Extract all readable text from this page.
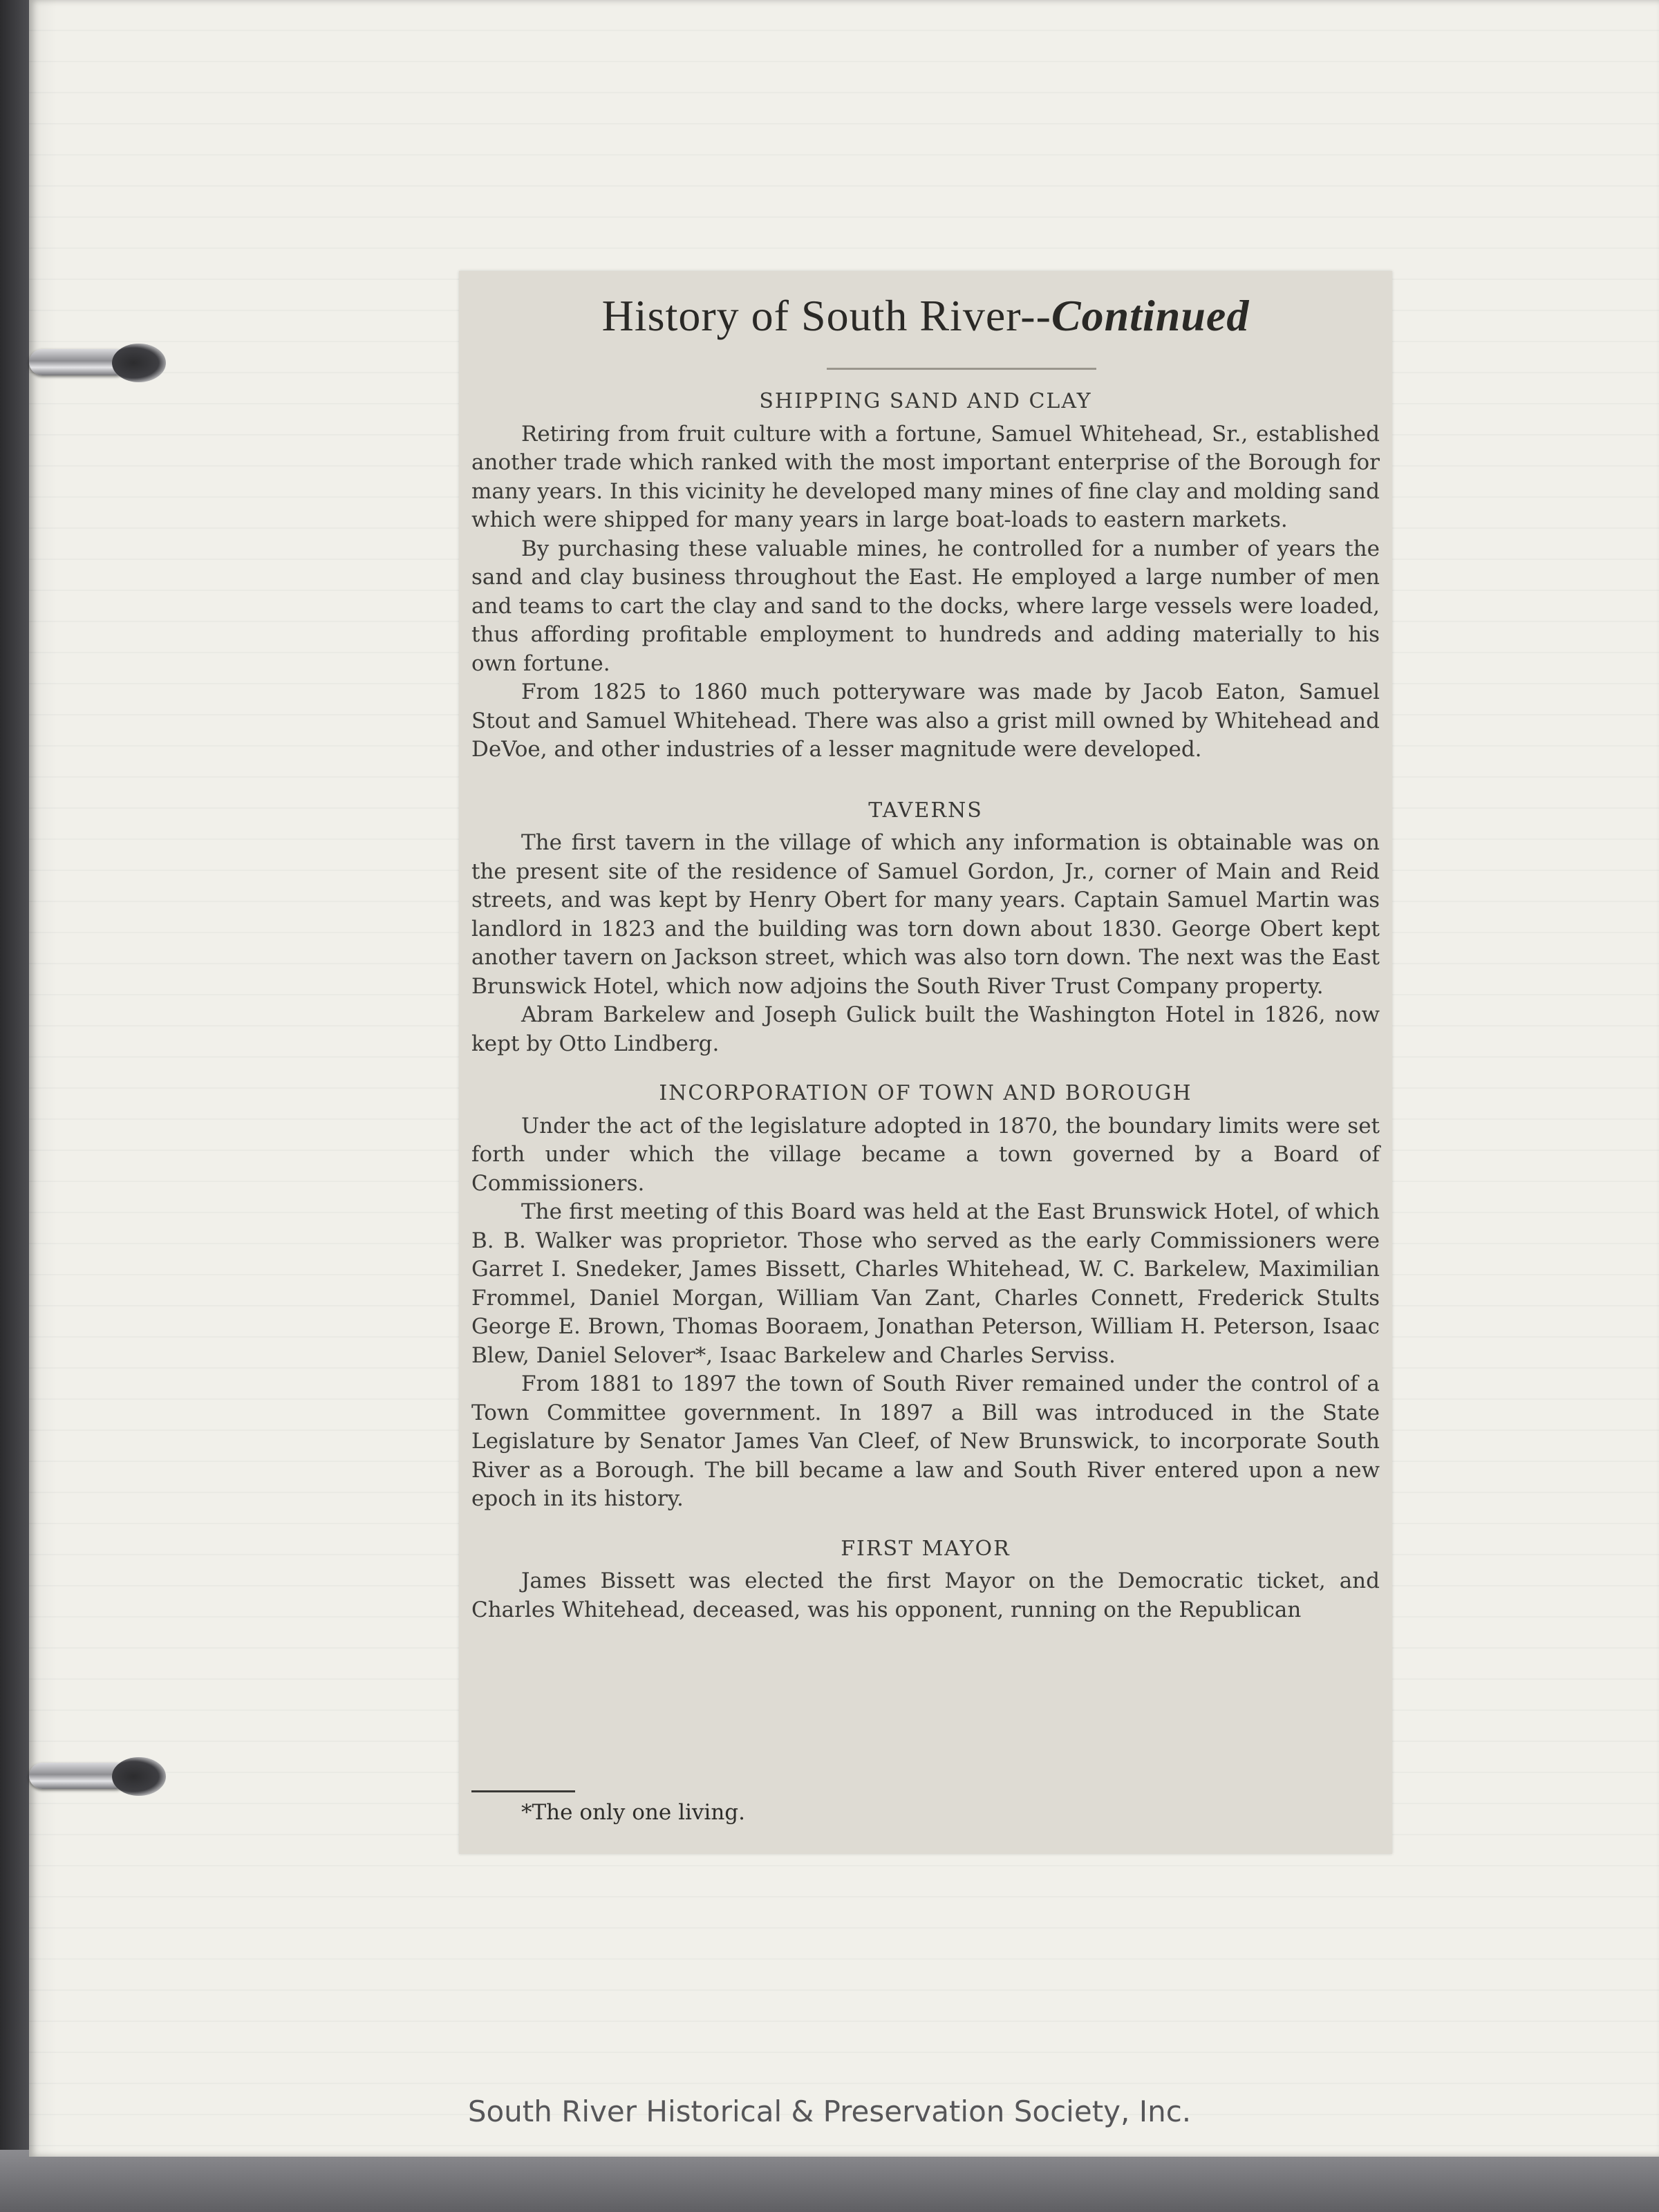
History of South River--Continued
SHIPPING SAND AND CLAY

Retiring from fruit culture with a fortune, Samuel Whitehead, Sr., established another trade which ranked with the most important enterprise of the Borough for many years. In this vicinity he developed many mines of fine clay and molding sand which were shipped for many years in large boat-loads to eastern markets.

By purchasing these valuable mines, he controlled for a number of years the sand and clay business throughout the East. He employed a large number of men and teams to cart the clay and sand to the docks, where large vessels were loaded, thus affording profitable employment to hundreds and adding materially to his own fortune.

From 1825 to 1860 much potteryware was made by Jacob Eaton, Samuel Stout and Samuel Whitehead. There was also a grist mill owned by Whitehead and DeVoe, and other industries of a lesser magnitude were developed.

TAVERNS

The first tavern in the village of which any information is obtainable was on the present site of the residence of Samuel Gordon, Jr., corner of Main and Reid streets, and was kept by Henry Obert for many years. Captain Samuel Martin was landlord in 1823 and the building was torn down about 1830. George Obert kept another tavern on Jackson street, which was also torn down. The next was the East Brunswick Hotel, which now adjoins the South River Trust Company property.

Abram Barkelew and Joseph Gulick built the Washington Hotel in 1826, now kept by Otto Lindberg.

INCORPORATION OF TOWN AND BOROUGH

Under the act of the legislature adopted in 1870, the boundary limits were set forth under which the village became a town governed by a Board of Commissioners.

The first meeting of this Board was held at the East Brunswick Hotel, of which B. B. Walker was proprietor. Those who served as the early Commissioners were Garret I. Snedeker, James Bissett, Charles Whitehead, W. C. Barkelew, Maximilian Frommel, Daniel Morgan, William Van Zant, Charles Connett, Frederick Stults George E. Brown, Thomas Booraem, Jonathan Peterson, William H. Peterson, Isaac Blew, Daniel Selover*, Isaac Barkelew and Charles Serviss.

From 1881 to 1897 the town of South River remained under the control of a Town Committee government. In 1897 a Bill was introduced in the State Legislature by Senator James Van Cleef, of New Brunswick, to incorporate South River as a Borough. The bill became a law and South River entered upon a new epoch in its history.

FIRST MAYOR

James Bissett was elected the first Mayor on the Democratic ticket, and Charles Whitehead, deceased, was his opponent, running on the Republican

*The only one living.
South River Historical & Preservation Society, Inc.
